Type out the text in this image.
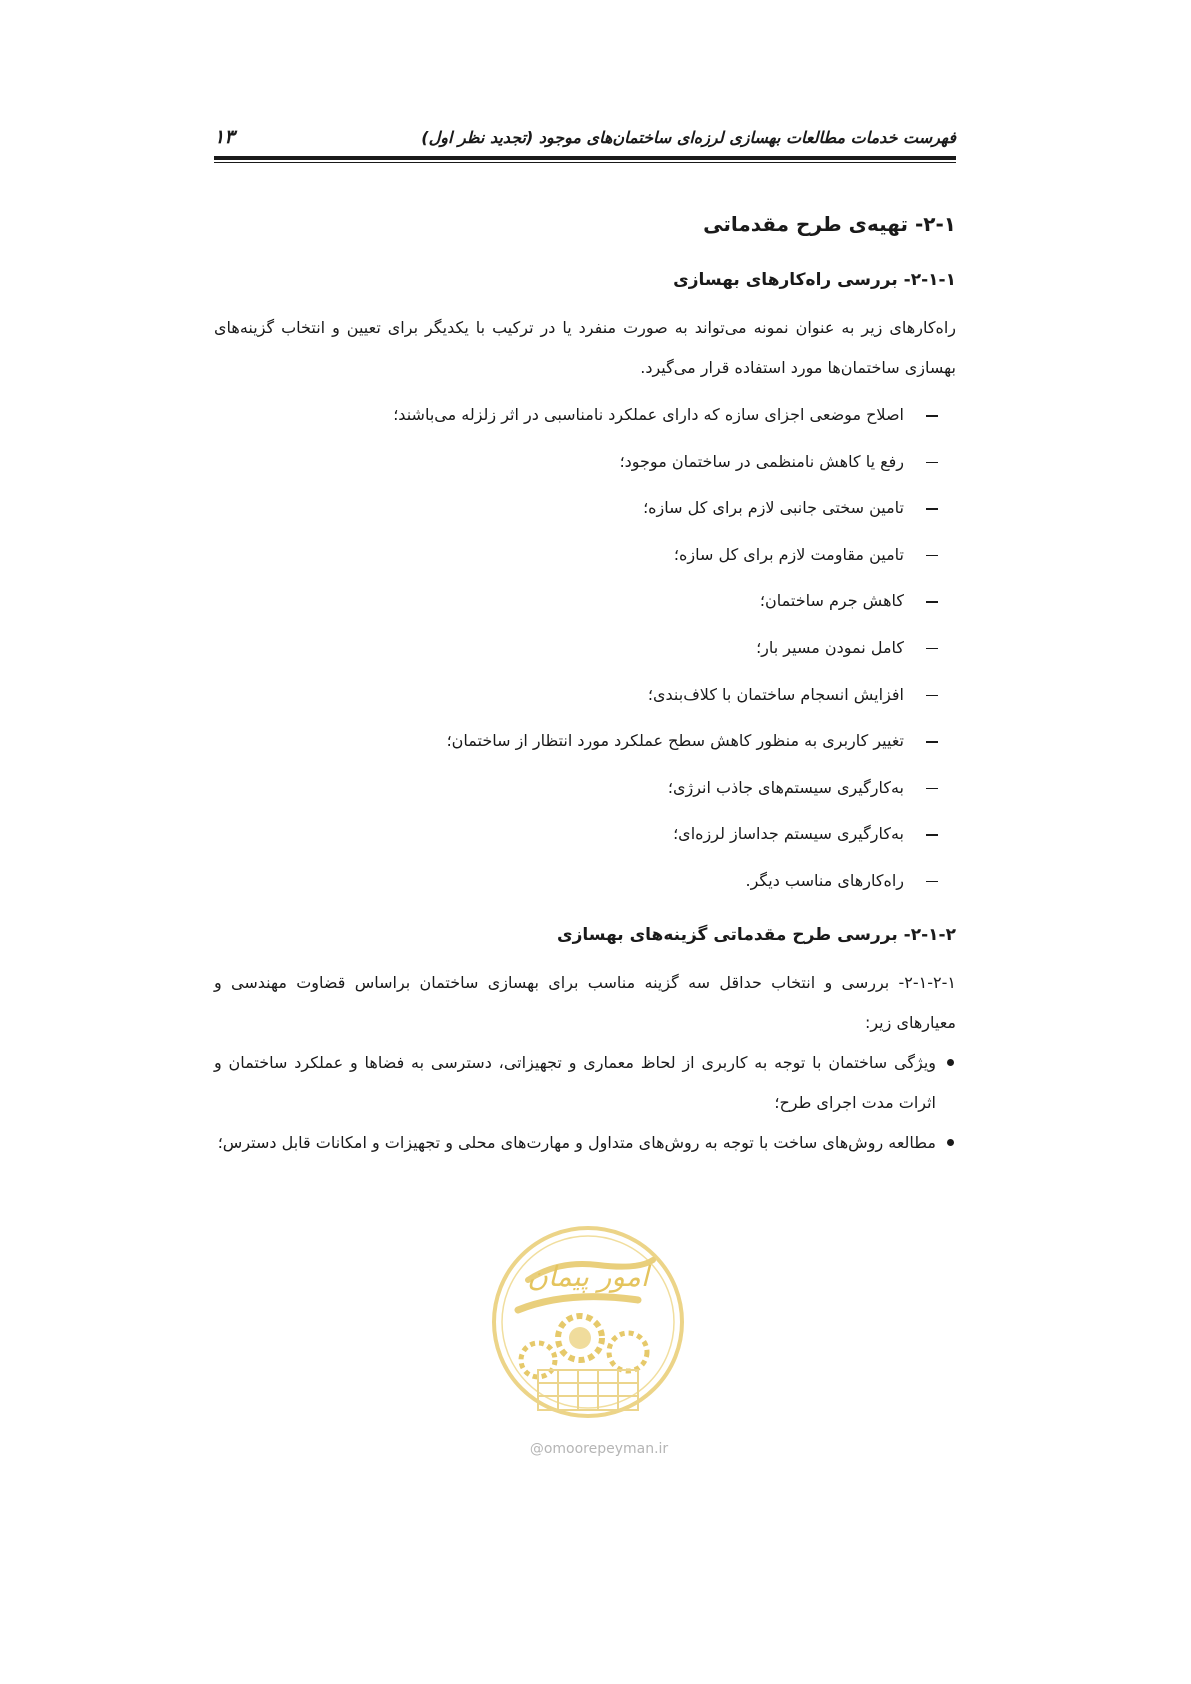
فهرست خدمات مطالعات بهسازی لرزه‌ای ساختمان‌های موجود (تجدید نظر اول)
۱۳
۲-۱- تهیه‌ی طرح مقدماتی
۲-۱-۱- بررسی راه‌کارهای بهسازی

راه‌کارهای زیر به عنوان نمونه می‌تواند به صورت منفرد یا در ترکیب با یکدیگر برای تعیین و انتخاب گزینه‌های بهسازی ساختمان‌ها مورد استفاده قرار می‌گیرد.

اصلاح موضعی اجزای سازه که دارای عملکرد نامناسبی در اثر زلزله می‌باشند؛
رفع یا کاهش نامنظمی در ساختمان موجود؛
تامین سختی جانبی لازم برای کل سازه؛
تامین مقاومت لازم برای کل سازه؛
کاهش جرم ساختمان؛
کامل نمودن مسیر بار؛
افزایش انسجام ساختمان با کلاف‌بندی؛
تغییر کاربری به منظور کاهش سطح عملکرد مورد انتظار از ساختمان؛
به‌کارگیری سیستم‌های جاذب انرژی؛
به‌کارگیری سیستم جداساز لرزه‌ای؛
راه‌کارهای مناسب دیگر.
۲-۱-۲- بررسی طرح مقدماتی گزینه‌های بهسازی

۲-۱-۲-۱- بررسی و انتخاب حداقل سه گزینه مناسب برای بهسازی ساختمان براساس قضاوت مهندسی و معیارهای زیر:

ویژگی ساختمان با توجه به کاربری از لحاظ معماری و تجهیزاتی، دسترسی به فضاها و عملکرد ساختمان و اثرات مدت اجرای طرح؛
مطالعه روش‌های ساخت با توجه به روش‌های متداول و مهارت‌های محلی و تجهیزات و امکانات قابل دسترس؛
امور پیمان
@omoorepeyman.ir
